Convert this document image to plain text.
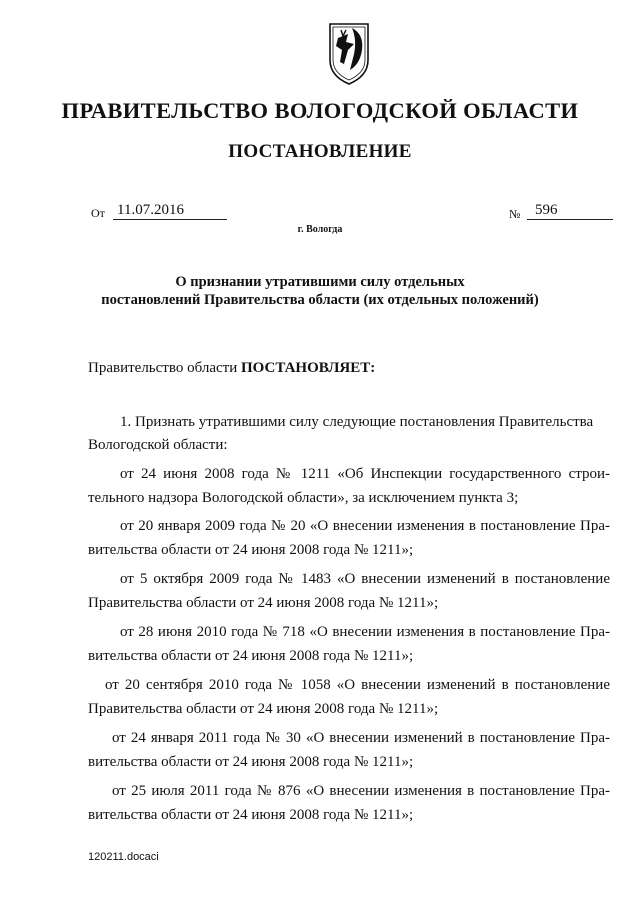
ПРАВИТЕЛЬСТВО ВОЛОГОДСКОЙ ОБЛАСТИ
ПОСТАНОВЛЕНИЕ
От 11.07.2016
г. Вологда
№ 596
О признании утратившими силу отдельных
постановлений Правительства области (их отдельных положений)
Правительство области ПОСТАНОВЛЯЕТ:
1. Признать утратившими силу следующие постановления Правительства
Вологодской области:
от 24 июня 2008 года № 1211 «Об Инспекции государственного строи-
тельного надзора Вологодской области», за исключением пункта 3;
от 20 января 2009 года № 20 «О внесении изменения в постановление Пра-
вительства области от 24 июня 2008 года № 1211»;
от 5 октября 2009 года № 1483 «О внесении изменений в постановление
Правительства области от 24 июня 2008 года № 1211»;
от 28 июня 2010 года № 718 «О внесении изменения в постановление Пра-
вительства области от 24 июня 2008 года № 1211»;
от 20 сентября 2010 года № 1058 «О внесении изменений в постановление
Правительства области от 24 июня 2008 года № 1211»;
от 24 января 2011 года № 30 «О внесении изменений в постановление Пра-
вительства области от 24 июня 2008 года № 1211»;
от 25 июля 2011 года № 876 «О внесении изменения в постановление Пра-
вительства области от 24 июня 2008 года № 1211»;
120211.docaci
